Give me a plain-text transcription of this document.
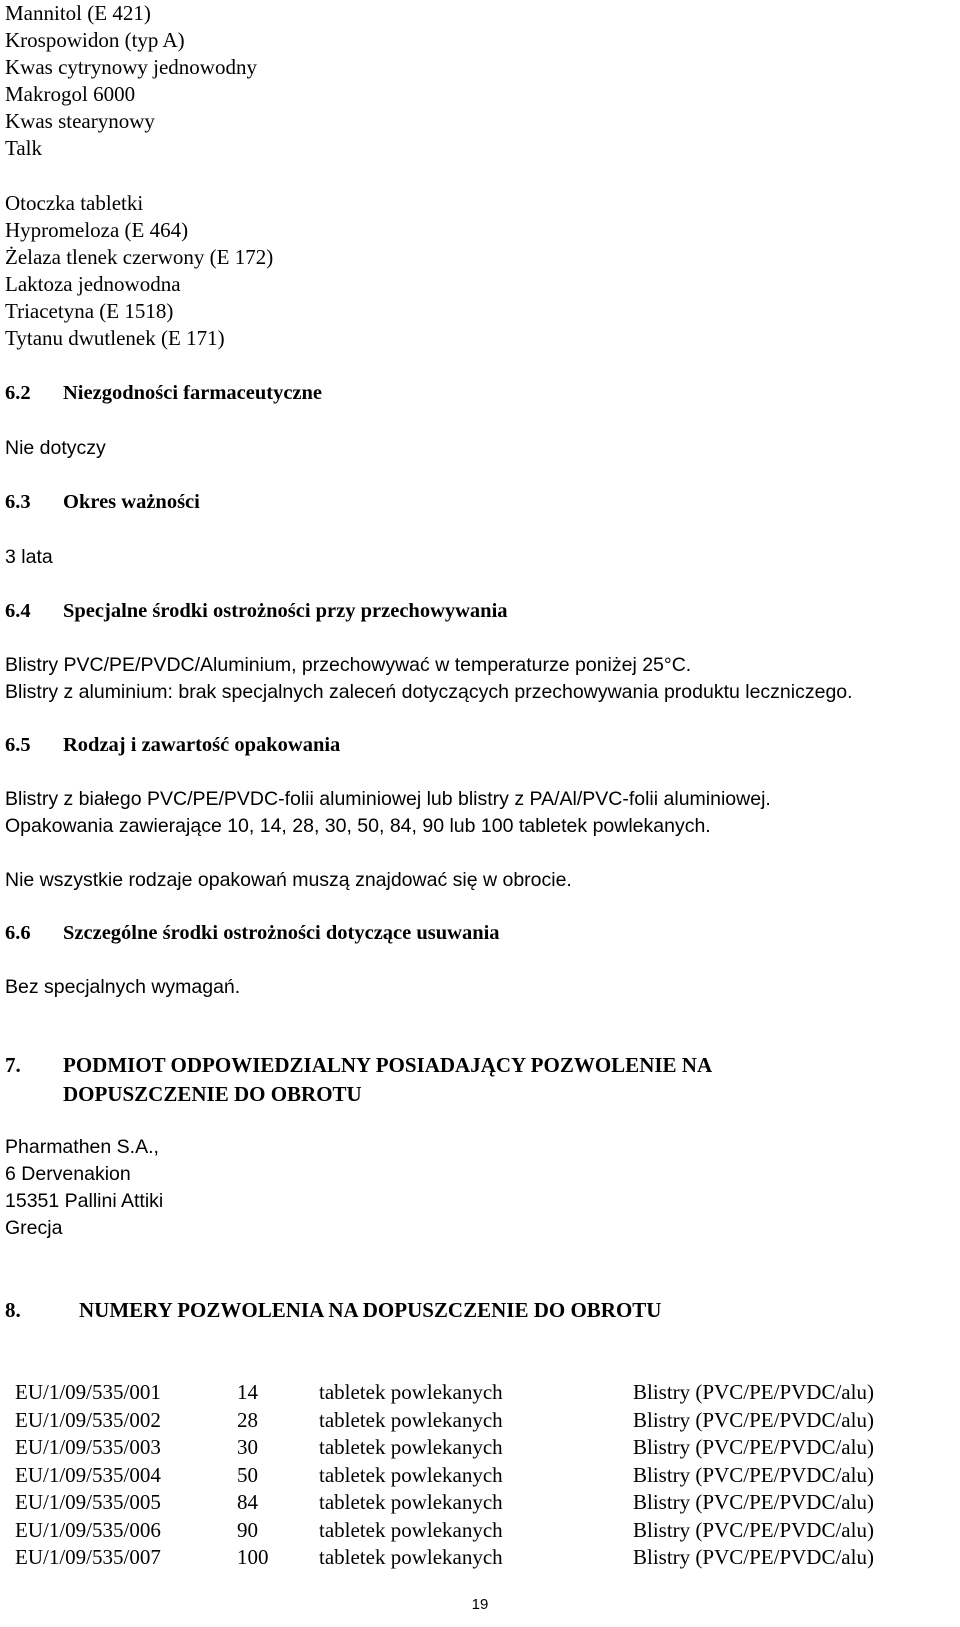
Mannitol (E 421)
Krospowidon (typ A)
Kwas cytrynowy jednowodny
Makrogol 6000
Kwas stearynowy
Talk
Otoczka tabletki
Hypromeloza (E 464)
Żelaza tlenek czerwony (E 172)
Laktoza jednowodna
Triacetyna (E 1518)
Tytanu dwutlenek (E 171)
6.2 Niezgodności farmaceutyczne
Nie dotyczy
6.3 Okres ważności
3 lata
6.4 Specjalne środki ostrożności przy przechowywania
Blistry PVC/PE/PVDC/Aluminium, przechowywać w temperaturze poniżej 25°C.
Blistry z aluminium: brak specjalnych zaleceń dotyczących przechowywania produktu leczniczego.
6.5 Rodzaj i zawartość opakowania
Blistry z białego PVC/PE/PVDC-folii aluminiowej lub blistry z PA/Al/PVC-folii aluminiowej.
Opakowania zawierające 10, 14, 28, 30, 50, 84, 90 lub 100 tabletek powlekanych.
Nie wszystkie rodzaje opakowań muszą znajdować się w obrocie.
6.6 Szczególne środki ostrożności dotyczące usuwania
Bez specjalnych wymagań.
7. PODMIOT ODPOWIEDZIALNY POSIADAJĄCY POZWOLENIE NA DOPUSZCZENIE DO OBROTU
Pharmathen S.A.,
6 Dervenakion
15351 Pallini Attiki
Grecja
8.	NUMERY POZWOLENIA NA DOPUSZCZENIE DO OBROTU
EU/1/09/535/001	14	tabletek powlekanych	Blistry (PVC/PE/PVDC/alu)
EU/1/09/535/002	28	tabletek powlekanych	Blistry (PVC/PE/PVDC/alu)
EU/1/09/535/003	30	tabletek powlekanych	Blistry (PVC/PE/PVDC/alu)
EU/1/09/535/004	50	tabletek powlekanych	Blistry (PVC/PE/PVDC/alu)
EU/1/09/535/005	84	tabletek powlekanych	Blistry (PVC/PE/PVDC/alu)
EU/1/09/535/006	90	tabletek powlekanych	Blistry (PVC/PE/PVDC/alu)
EU/1/09/535/007	100	tabletek powlekanych	Blistry (PVC/PE/PVDC/alu)
19
